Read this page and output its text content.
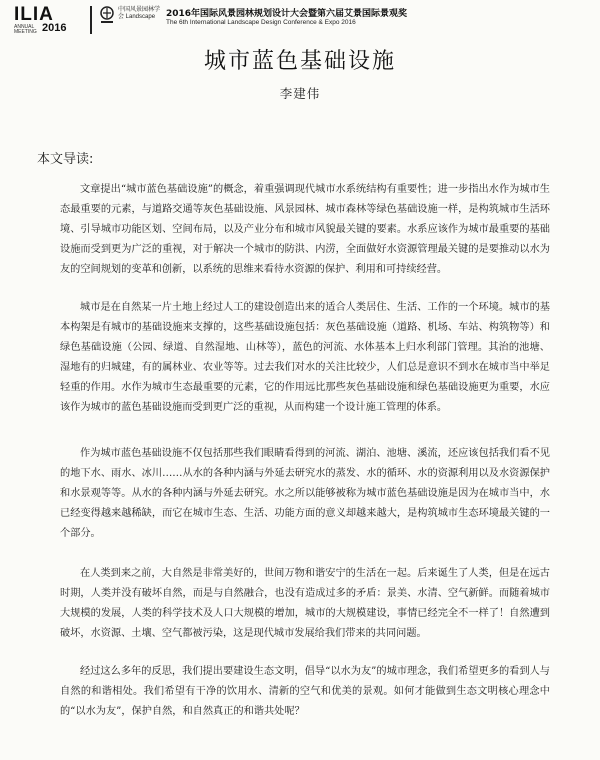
ILIA
ANNUAL MEETING 2016
中国风景园林学会 Landscape	2016年国际风景园林规划设计大会暨第六届艾景国际景观奖
The 6th International Landscape Design Conference & Expo 2016
城市蓝色基础设施
李建伟
本文导读:

文章提出“城市蓝色基础设施”的概念，着重强调现代城市水系统结构有重要性；进一步指出水作为城市生态最重要的元素，与道路交通等灰色基础设施、风景园林、城市森林等绿色基础设施一样，是构筑城市生活环境、引导城市功能区划、空间布局，以及产业分布和城市风貌最关键的要素。水系应该作为城市最重要的基础设施而受到更为广泛的重视，对于解决一个城市的防洪、内涝，全面做好水资源管理最关键的是要推动以水为友的空间规划的变革和创新，以系统的思维来看待水资源的保护、利用和可持续经营。

城市是在自然某一片土地上经过人工的建设创造出来的适合人类居住、生活、工作的一个环境。城市的基本构架是有城市的基础设施来支撑的，这些基础设施包括：灰色基础设施（道路、机场、车站、构筑物等）和绿色基础设施（公园、绿道、自然湿地、山林等），蓝色的河流、水体基本上归水利部门管理。其治的池塘、湿地有的归城建，有的属林业、农业等等。过去我们对水的关注比较少，人们总是意识不到水在城市当中举足轻重的作用。水作为城市生态最重要的元素，它的作用远比那些灰色基础设施和绿色基础设施更为重要，水应该作为城市的蓝色基础设施而受到更广泛的重视，从而构建一个设计施工管理的体系。

作为城市蓝色基础设施不仅包括那些我们眼睛看得到的河流、湖泊、池塘、溪流，还应该包括我们看不见的地下水、雨水、冰川……从水的各种内涵与外延去研究水的蒸发、水的循环、水的资源利用以及水资源保护和水景观等等。从水的各种内涵与外延去研究。水之所以能够被称为城市蓝色基础设施是因为在城市当中，水已经变得越来越稀缺，而它在城市生态、生活、功能方面的意义却越来越大，是构筑城市生态环境最关键的一个部分。

在人类到来之前，大自然是非常美好的，世间万物和谐安宁的生活在一起。后来诞生了人类，但是在远古时期，人类并没有破坏自然，而是与自然融合，也没有造成过多的矛盾：景美、水清、空气新鲜。而随着城市大规模的发展，人类的科学技术及人口大规模的增加，城市的大规模建设，事情已经完全不一样了！自然遭到破坏，水资源、土壤、空气都被污染，这是现代城市发展给我们带来的共同问题。

经过这么多年的反思，我们提出要建设生态文明，倡导“以水为友”的城市理念，我们希望更多的看到人与自然的和谐相处。我们希望有干净的饮用水、清新的空气和优美的景观。如何才能做到生态文明核心理念中的“以水为友”，保护自然，和自然真正的和谐共处呢？
